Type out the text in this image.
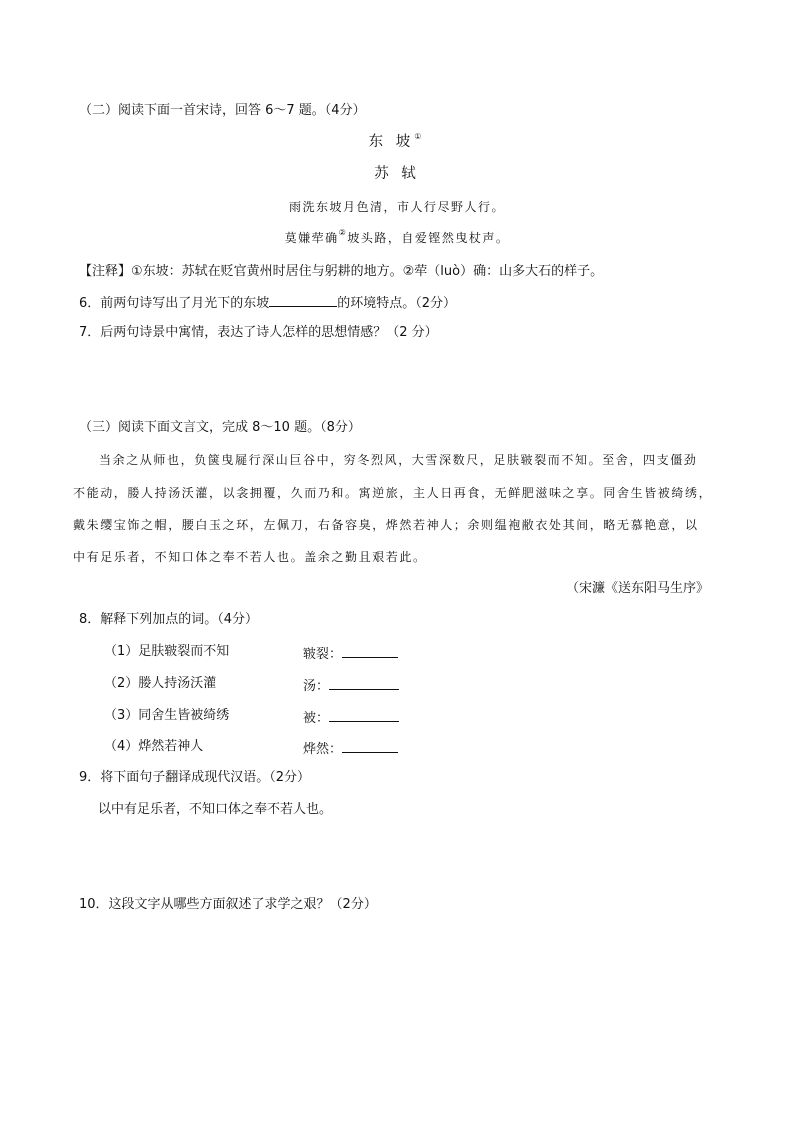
（二）阅读下面一首宋诗，回答 6～7 题。（4分）
东 坡①
苏 轼
雨洗东坡月色清，市人行尽野人行。
莫嫌荦确②坡头路，自爱铿然曳杖声。
【注释】①东坡：苏轼在贬官黄州时居住与躬耕的地方。②荦（luò）确：山多大石的样子。
6．前两句诗写出了月光下的东坡	的环境特点。（2分）
7．后两句诗景中寓情，表达了诗人怎样的思想情感？（2 分）
（三）阅读下面文言文，完成 8～10 题。（8分）
当余之从师也，负箧曳屣行深山巨谷中，穷冬烈风，大雪深数尺，足肤皲裂而不知。至舍，四支僵劲
不能动，媵人持汤沃灌，以衾拥覆，久而乃和。寓逆旅，主人日再食，无鲜肥滋味之享。同舍生皆被绮绣，
戴朱缨宝饰之帽，腰白玉之环，左佩刀，右备容臭，烨然若神人；余则缊袍敝衣处其间，略无慕艳意，以
中有足乐者，不知口体之奉不若人也。盖余之勤且艰若此。
（宋濂《送东阳马生序》
8．解释下列加点的词。（4分）
（1）足肤皲裂而不知	皲裂：
（2）媵人持汤沃灌	汤：
（3）同舍生皆被绮绣	被：
（4）烨然若神人	烨然：
9．将下面句子翻译成现代汉语。（2分）
以中有足乐者，不知口体之奉不若人也。
10．这段文字从哪些方面叙述了求学之艰？（2分）
